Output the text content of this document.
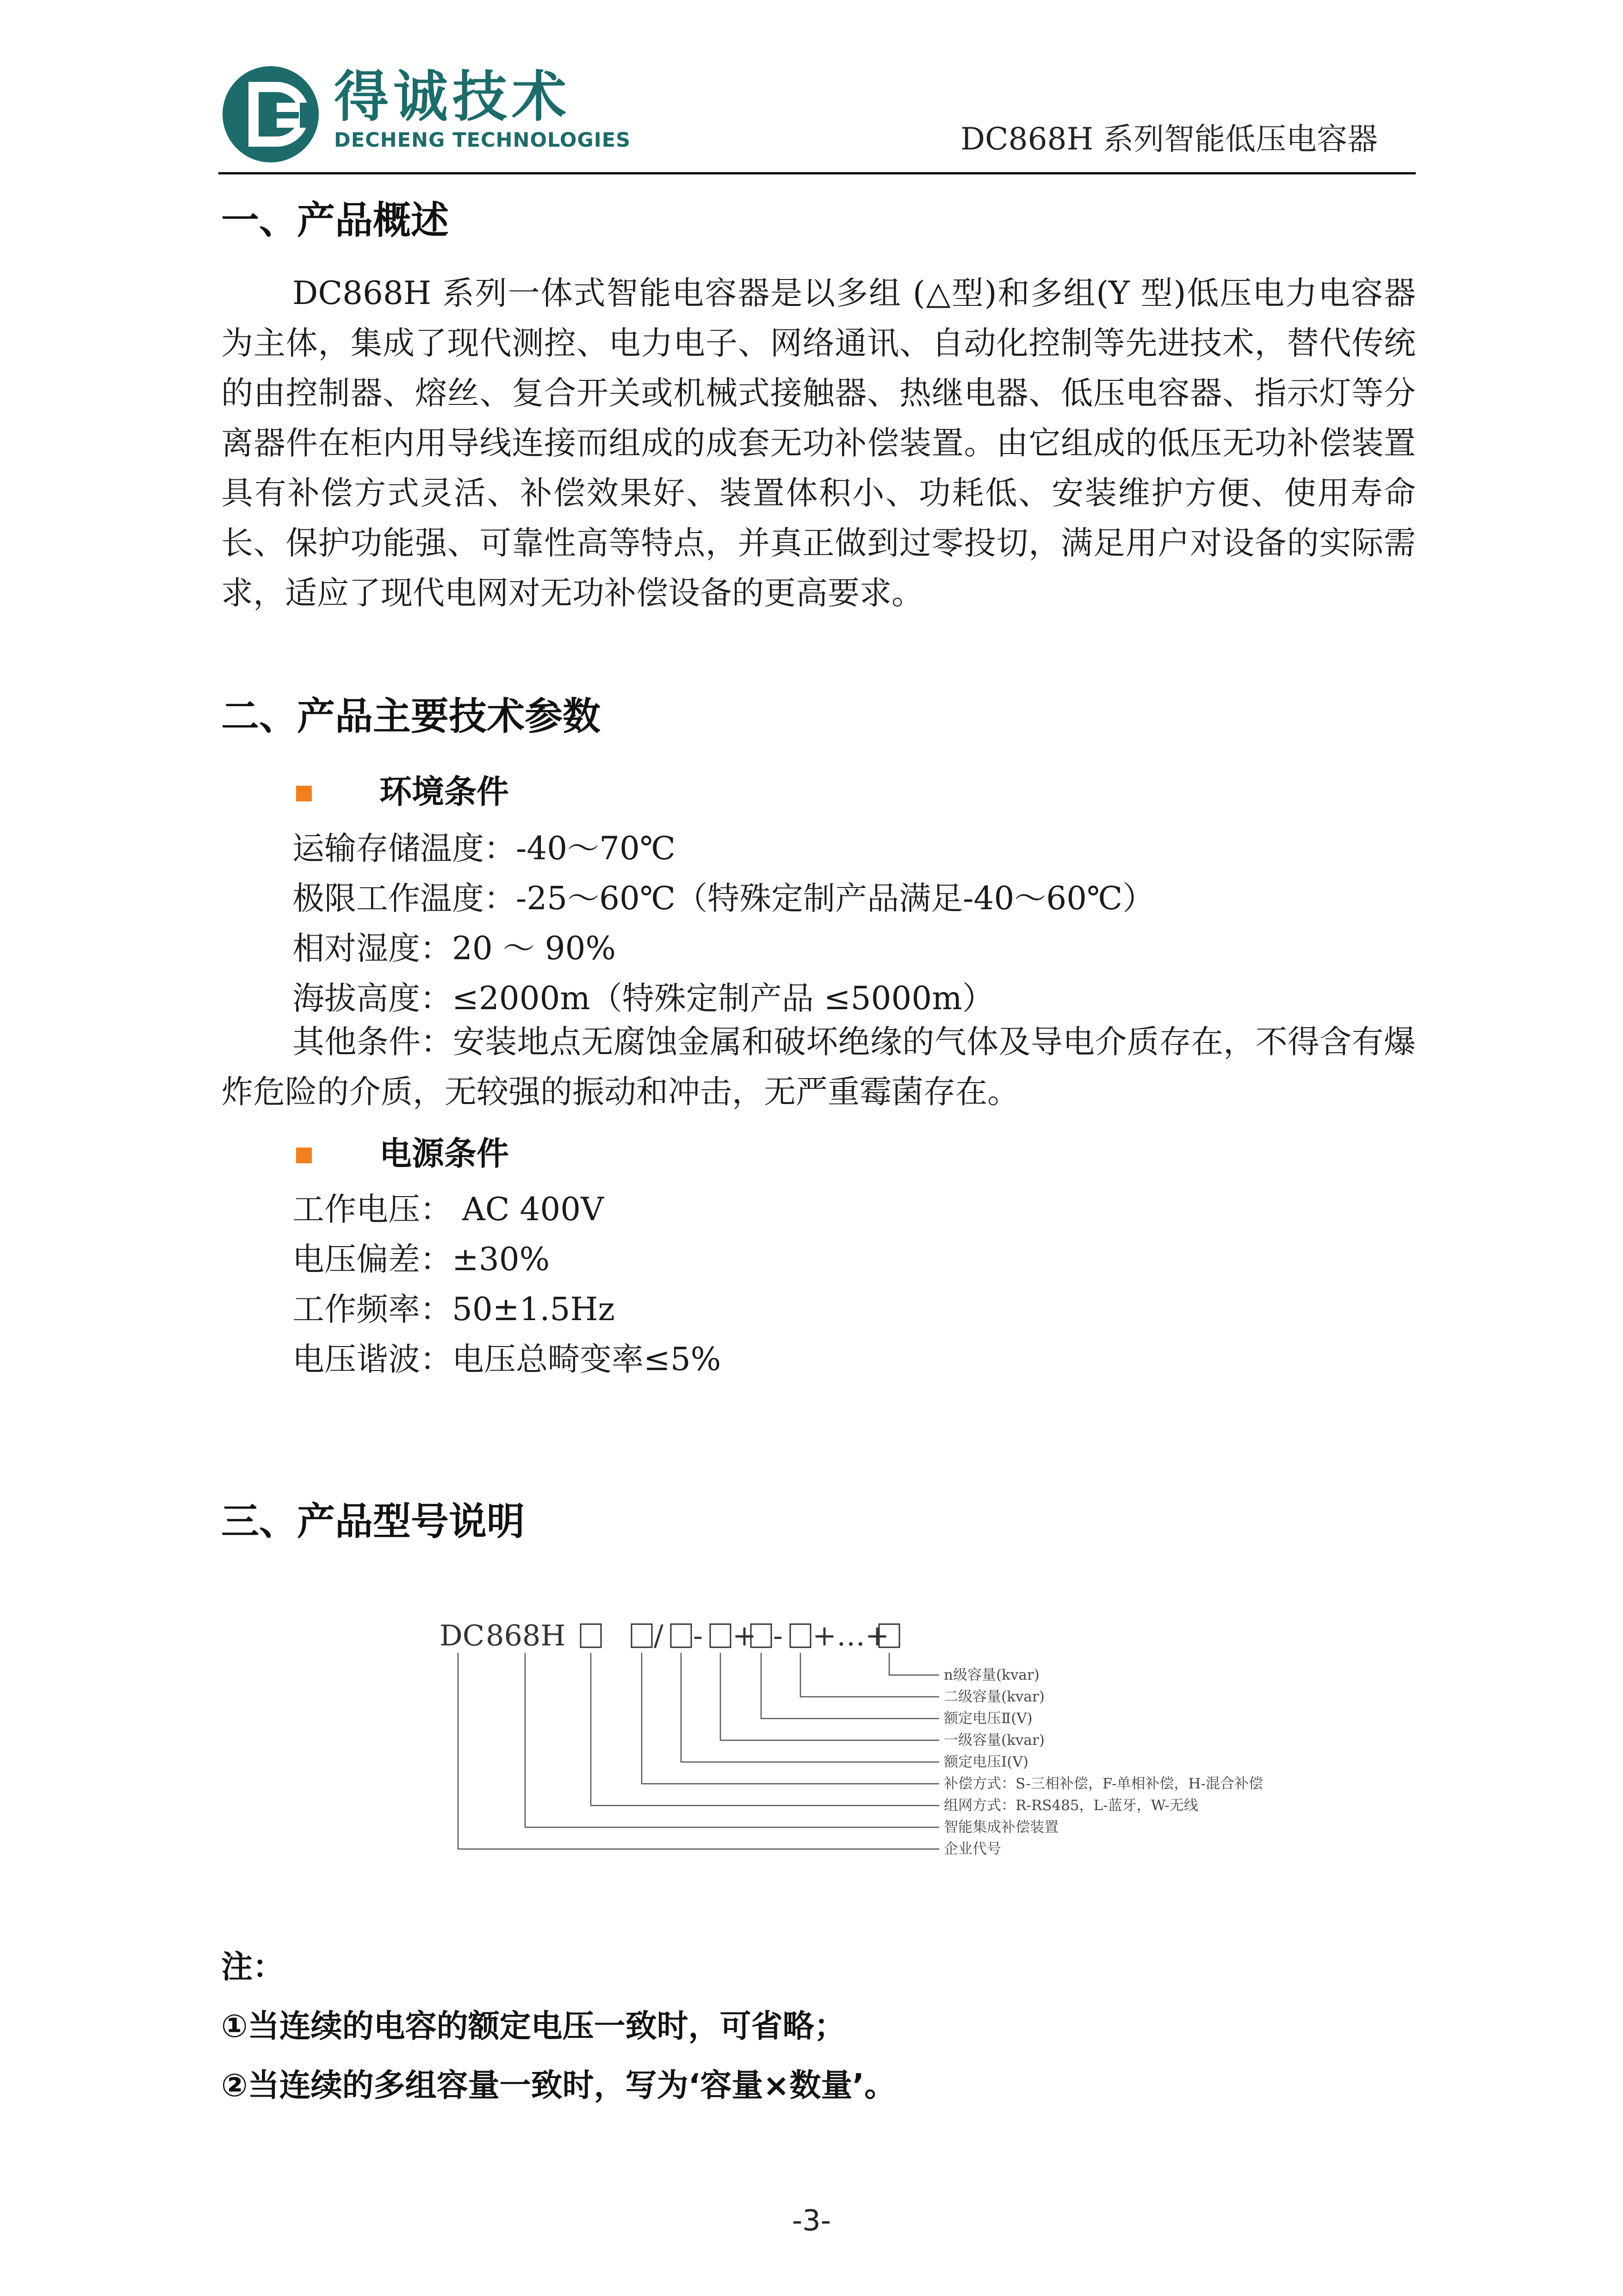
得诚技术
DECHENG TECHNOLOGIES	DC868H 系列智能低压电容器
一、产品概述

DC868H 系列一体式智能电容器是以多组 (△型)和多组(Y 型)低压电力电容器为主体，集成了现代测控、电力电子、网络通讯、自动化控制等先进技术，替代传统的由控制器、熔丝、复合开关或机械式接触器、热继电器、低压电容器、指示灯等分离器件在柜内用导线连接而组成的成套无功补偿装置。由它组成的低压无功补偿装置具有补偿方式灵活、补偿效果好、装置体积小、功耗低、安装维护方便、使用寿命长、保护功能强、可靠性高等特点，并真正做到过零投切，满足用户对设备的实际需求，适应了现代电网对无功补偿设备的更高要求。

二、产品主要技术参数
环境条件
运输存储温度：-40～70℃
极限工作温度：-25～60℃（特殊定制产品满足-40～60℃）
相对湿度：20 ～ 90%
海拔高度：≤2000m（特殊定制产品 ≤5000m）

其他条件：安装地点无腐蚀金属和破坏绝缘的气体及导电介质存在，不得含有爆炸危险的介质，无较强的振动和冲击，无严重霉菌存在。

电源条件
工作电压： AC 400V
电压偏差：±30%
工作频率：50±1.5Hz
电压谐波：电压总畸变率≤5%
三、产品型号说明
DC 868H	/ - + - +…+
n级容量(kvar)
二级容量(kvar)
额定电压Ⅱ(V)
一级容量(kvar)
额定电压Ⅰ(V)
补偿方式：S-三相补偿，F-单相补偿，H-混合补偿
组网方式：R-RS485，L-蓝牙，W-无线
智能集成补偿装置
企业代号
注：
①当连续的电容的额定电压一致时，可省略；
②当连续的多组容量一致时，写为‘容量×数量’。
-3-
